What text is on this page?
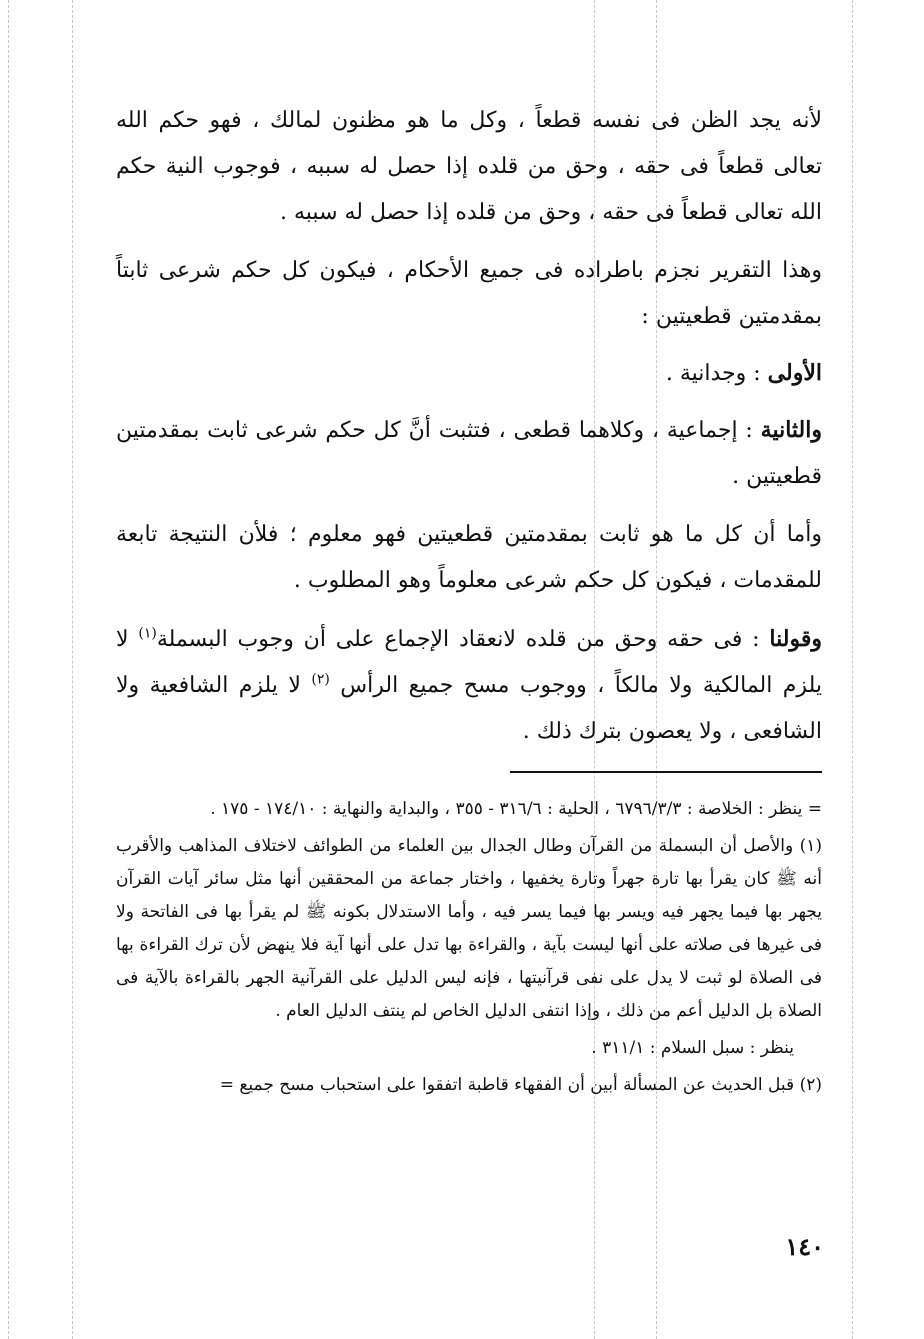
لأنه يجد الظن فى نفسه قطعاً ، وكل ما هو مظنون لمالك ، فهو حكم الله تعالى قطعاً فى حقه ، وحق من قلده إذا حصل له سببه ، فوجوب النية حكم الله تعالى قطعاً فى حقه ، وحق من قلده إذا حصل له سببه .

وهذا التقرير نجزم باطراده فى جميع الأحكام ، فيكون كل حكم شرعى ثابتاً بمقدمتين قطعيتين :

الأولى : وجدانية .

والثانية : إجماعية ، وكلاهما قطعى ، فتثبت أنَّ كل حكم شرعى ثابت بمقدمتين قطعيتين .

وأما أن كل ما هو ثابت بمقدمتين قطعيتين فهو معلوم ؛ فلأن النتيجة تابعة للمقدمات ، فيكون كل حكم شرعى معلوماً وهو المطلوب .

وقولنا : فى حقه وحق من قلده لانعقاد الإجماع على أن وجوب البسملة$^{(١)}$ لا يلزم المالكية ولا مالكاً ، ووجوب مسح جميع الرأس $^{(٢)}$ لا يلزم الشافعية ولا الشافعى ، ولا يعصون بترك ذلك .

= ينظر : الخلاصة : ٦٧٩٦/٣/٣ ، الحلية : ٣١٦/٦ - ٣٥٥ ، والبداية والنهاية : ١٧٤/١٠ - ١٧٥ .

(١) والأصل أن البسملة من القرآن وطال الجدال بين العلماء من الطوائف لاختلاف المذاهب والأقرب أنه ﷺ كان يقرأ بها تارة جهراً وتارة يخفيها ، واختار جماعة من المحققين أنها مثل سائر آيات القرآن يجهر بها فيما يجهر فيه ويسر بها فيما يسر فيه ، وأما الاستدلال بكونه ﷺ لم يقرأ بها فى الفاتحة ولا فى غيرها فى صلاته على أنها ليست بآية ، والقراءة بها تدل على أنها آية فلا ينهض لأن ترك القراءة بها فى الصلاة لو ثبت لا يدل على نفى قرآنيتها ، فإنه ليس الدليل على القرآنية الجهر بالقراءة بالآية فى الصلاة بل الدليل أعم من ذلك ، وإذا انتفى الدليل الخاص لم ينتف الدليل العام .

ينظر : سبل السلام : ٣١١/١ .

(٢) قبل الحديث عن المسألة أبين أن الفقهاء قاطبة اتفقوا على استحباب مسح جميع =

١٤٠
